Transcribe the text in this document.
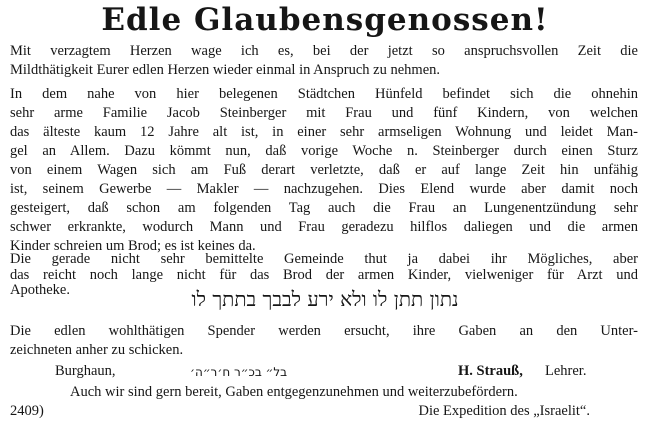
Edle Glaubensgenossen!
Mit verzagtem Herzen wage ich es, bei der jetzt so anspruchsvollen Zeit die
Mildthätigkeit Eurer edlen Herzen wieder einmal in Anspruch zu nehmen.
In dem nahe von hier belegenen Städtchen Hünfeld befindet sich die ohnehin
sehr arme Familie Jacob Steinberger mit Frau und fünf Kindern, von welchen
das älteste kaum 12 Jahre alt ist, in einer sehr armseligen Wohnung und leidet Man-
gel an Allem. Dazu kömmt nun, daß vorige Woche n. Steinberger durch einen Sturz
von einem Wagen sich am Fuß derart verletzte, daß er auf lange Zeit hin unfähig
ist, seinem Gewerbe — Makler — nachzugehen. Dies Elend wurde aber damit noch
gesteigert, daß schon am folgenden Tag auch die Frau an Lungenentzündung sehr
schwer erkrankte, wodurch Mann und Frau geradezu hilflos daliegen und die armen
Kinder schreien um Brod; es ist keines da.
Die gerade nicht sehr bemittelte Gemeinde thut ja dabei ihr Mögliches, aber
das reicht noch lange nicht für das Brod der armen Kinder, vielweniger für Arzt und
Apotheke.	נתון תתן לו ולא ירע לבבך בתתך לו
Die edlen wohlthätigen Spender werden ersucht, ihre Gaben an den Unter-
zeichneten anher zu schicken.
Burghaun,	בל״ בכ״ר ח׳ר״ה׳	H. Strauß, Lehrer.
Auch wir sind gern bereit, Gaben entgegenzunehmen und weiterzubefördern.
2409)	Die Expedition des „Israelit“.
